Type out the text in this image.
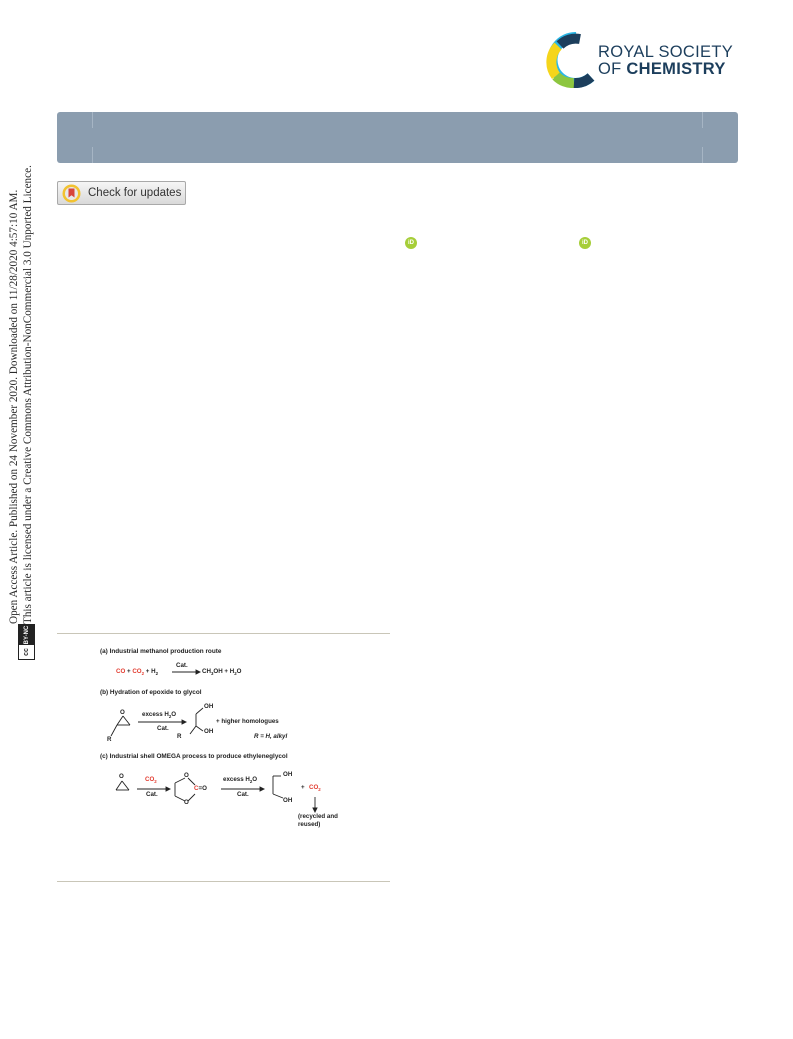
cc
BY-NC
Open Access Article. Published on 24 November 2020. Downloaded on 11/28/2020 4:57:10 AM. This article is licensed under a Creative Commons Attribution-NonCommercial 3.0 Unported Licence.
ROYAL SOCIETY
OF CHEMISTRY
Check for updates
iD	iD
(a) Industrial methanol production route
CO + $CO_2 + H_2$
Cat.
$CH_3OH + H_2O$
(b) Hydration of epoxide to glycol
O
R
excess $H_2O$
Cat.
OH
OH
R
+ higher homologues
R = H, alkyl
(c) Industrial shell OMEGA process to produce ethyleneglycol
O	$CO_2$
Cat.
O
O
C=O
excess $H_2O$
Cat.
OH
OH
+ $CO_2$
(recycled and
reused)
